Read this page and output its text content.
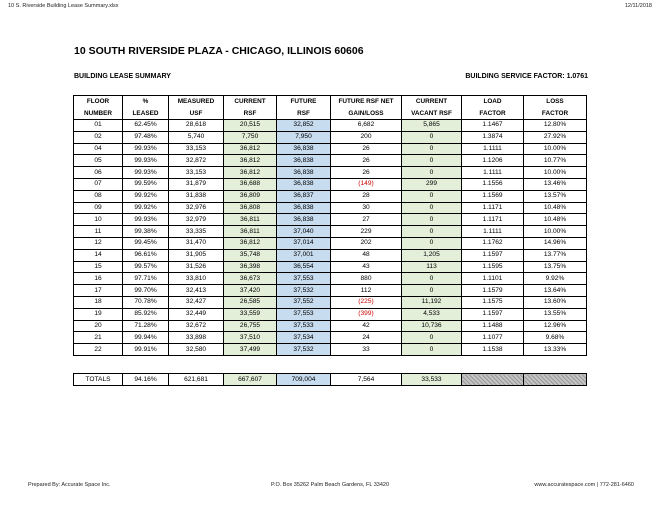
10 S. Riverside Building Lease Summary.xlsx	12/11/2018
10 SOUTH RIVERSIDE PLAZA - CHICAGO, ILLINOIS 60606
BUILDING LEASE SUMMARY	BUILDING SERVICE FACTOR: 1.0761
FLOOR	%	MEASURED	CURRENT	FUTURE	FUTURE RSF NET	CURRENT	LOAD	LOSS
NUMBER	LEASED	USF	RSF	RSF	GAIN/LOSS	VACANT RSF	FACTOR	FACTOR
01	62.45%	28,618	20,515	32,852	6,682	5,865	1.1467	12.80%
02	97.48%	5,740	7,750	7,950	200	0	1.3874	27.92%
04	99.93%	33,153	36,812	36,838	26	0	1.1111	10.00%
05	99.93%	32,872	36,812	36,838	26	0	1.1206	10.77%
06	99.93%	33,153	36,812	36,838	26	0	1.1111	10.00%
07	99.59%	31,879	36,688	36,838	(149)	299	1.1556	13.46%
08	99.92%	31,838	36,809	36,837	28	0	1.1569	13.57%
09	99.92%	32,976	36,808	36,838	30	0	1.1171	10.48%
10	99.93%	32,979	36,811	36,838	27	0	1.1171	10.48%
11	99.38%	33,335	36,811	37,040	229	0	1.1111	10.00%
12	99.45%	31,470	36,812	37,014	202	0	1.1762	14.96%
14	96.61%	31,905	35,748	37,001	48	1,205	1.1597	13.77%
15	99.57%	31,526	36,398	36,554	43	113	1.1595	13.75%
16	97.71%	33,810	36,673	37,553	880	0	1.1101	9.92%
17	99.70%	32,413	37,420	37,532	112	0	1.1579	13.64%
18	70.78%	32,427	26,585	37,552	(225)	11,192	1.1575	13.60%
19	85.92%	32,449	33,559	37,553	(399)	4,533	1.1597	13.55%
20	71.28%	32,672	26,755	37,533	42	10,736	1.1488	12.96%
21	99.94%	33,898	37,510	37,534	24	0	1.1077	9.68%
22	99.91%	32,580	37,499	37,532	33	0	1.1538	13.33%
TOTALS	94.16%	621,681	667,607	709,004	7,564	33,533		
Prepared By: Accurate Space Inc.	P.O. Box 35262 Palm Beach Gardens, FL 33420	www.accuratespace.com | 772-281-6460
